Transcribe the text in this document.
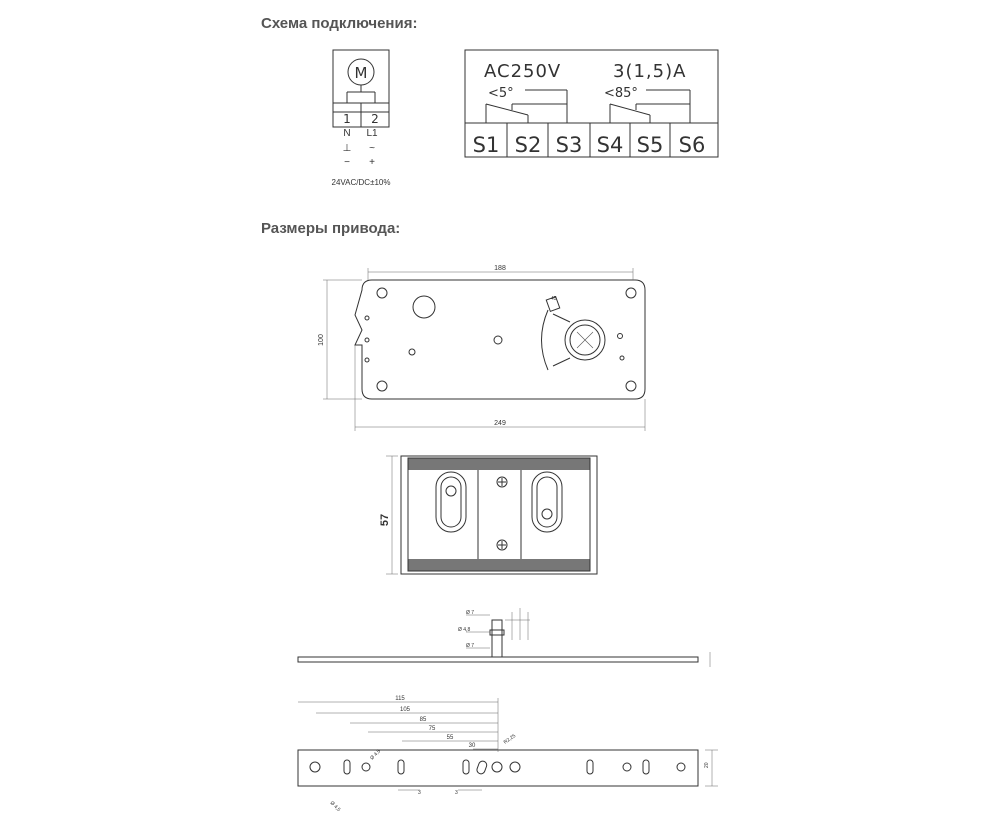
Схема подключения:
Размеры привода:
M
1 2
N
⊥
−
L1
~
+
24VAC/DC±10%
AC250V	3(1,5)A
<5°	<85°
S1 S2 S3 S4 S5 S6
188
100
249
45
57
Ø 7
Ø 4,8
Ø 7
115
105
85
75
55
30
20
Ø 4,5
Ø 4,5
R2,25
3	3
